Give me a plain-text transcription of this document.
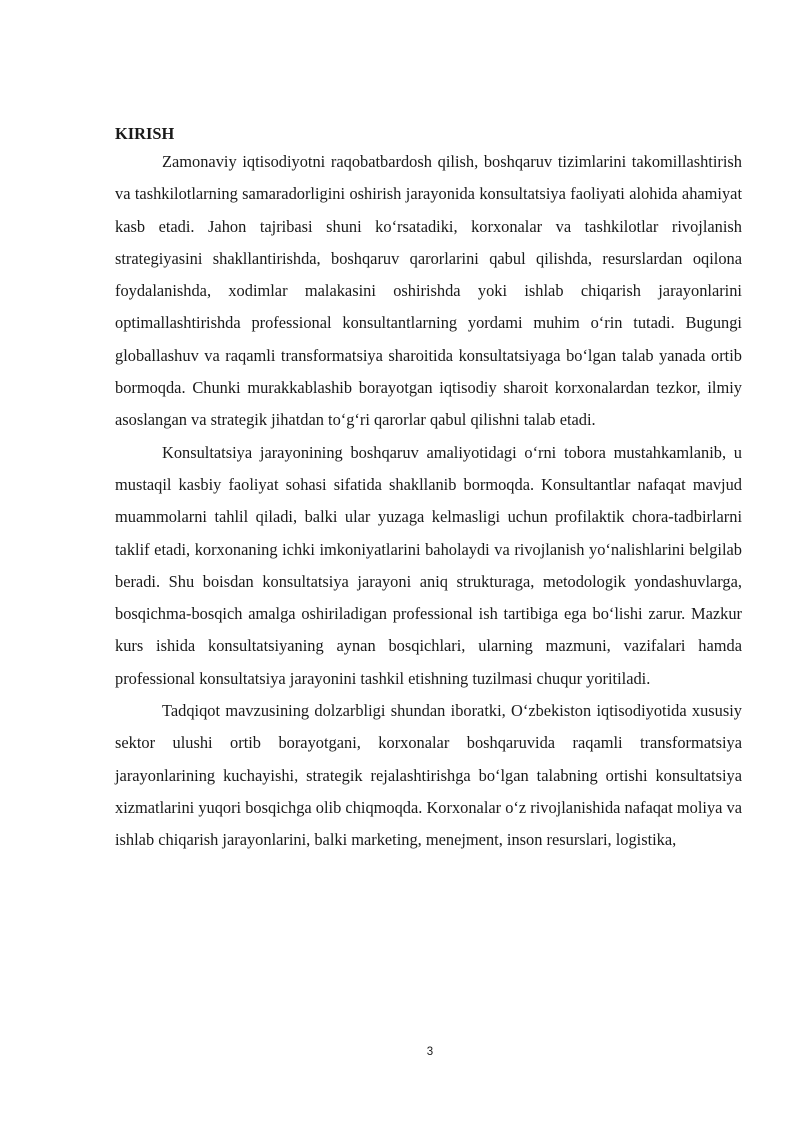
KIRISH

Zamonaviy iqtisodiyotni raqobatbardosh qilish, boshqaruv tizimlarini takomillashtirish va tashkilotlarning samaradorligini oshirish jarayonida konsultatsiya faoliyati alohida ahamiyat kasb etadi. Jahon tajribasi shuni ko‘rsatadiki, korxonalar va tashkilotlar rivojlanish strategiyasini shakllantirishda, boshqaruv qarorlarini qabul qilishda, resurslardan oqilona foydalanishda, xodimlar malakasini oshirishda yoki ishlab chiqarish jarayonlarini optimallashtirishda professional konsultantlarning yordami muhim o‘rin tutadi. Bugungi globallashuv va raqamli transformatsiya sharoitida konsultatsiyaga bo‘lgan talab yanada ortib bormoqda. Chunki murakkablashib borayotgan iqtisodiy sharoit korxonalardan tezkor, ilmiy asoslangan va strategik jihatdan to‘g‘ri qarorlar qabul qilishni talab etadi.

Konsultatsiya jarayonining boshqaruv amaliyotidagi o‘rni tobora mustahkamlanib, u mustaqil kasbiy faoliyat sohasi sifatida shakllanib bormoqda. Konsultantlar nafaqat mavjud muammolarni tahlil qiladi, balki ular yuzaga kelmasligi uchun profilaktik chora-tadbirlarni taklif etadi, korxonaning ichki imkoniyatlarini baholaydi va rivojlanish yo‘nalishlarini belgilab beradi. Shu boisdan konsultatsiya jarayoni aniq strukturaga, metodologik yondashuvlarga, bosqichma-bosqich amalga oshiriladigan professional ish tartibiga ega bo‘lishi zarur. Mazkur kurs ishida konsultatsiyaning aynan bosqichlari, ularning mazmuni, vazifalari hamda professional konsultatsiya jarayonini tashkil etishning tuzilmasi chuqur yoritiladi.

Tadqiqot mavzusining dolzarbligi shundan iboratki, O‘zbekiston iqtisodiyotida xususiy sektor ulushi ortib borayotgani, korxonalar boshqaruvida raqamli transformatsiya jarayonlarining kuchayishi, strategik rejalashtirishga bo‘lgan talabning ortishi konsultatsiya xizmatlarini yuqori bosqichga olib chiqmoqda. Korxonalar o‘z rivojlanishida nafaqat moliya va ishlab chiqarish jarayonlarini, balki marketing, menejment, inson resurslari, logistika,

3
